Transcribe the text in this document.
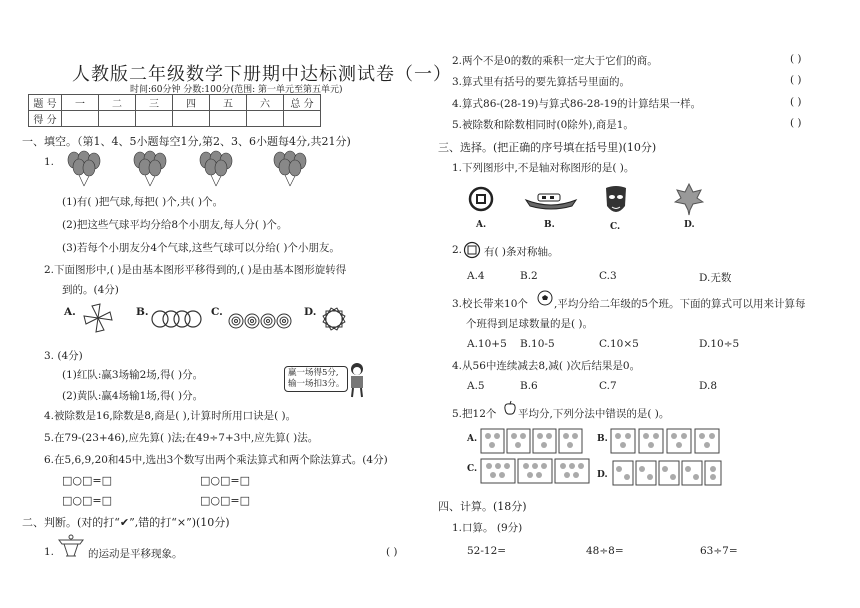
人教版二年级数学下册期中达标测试卷（一）
时间:60分钟 分数:100分(范围: 第一单元至第五单元)
题 号	一	二	三	四	五	六	总 分
得 分							
一、填空。（第1、4、5小题每空1分,第2、3、6小题每4分,共21分)
1.
(1)有( )把气球,每把( )个,共( )个。
(2)把这些气球平均分给8个小朋友,每人分( )个。
(3)若每个小朋友分4个气球,这些气球可以分给( )个小朋友。
2.下面图形中,( )是由基本图形平移得到的,( )是由基本图形旋转得
到的。(4分)
A.	B.	C.	D.
3. (4分)
(1)红队:赢3场输2场,得( )分。
(2)黄队:赢4场输1场,得( )分。
赢一场得5分,
输一场扣3分。
4.被除数是16,除数是8,商是( ),计算时所用口诀是( )。
5.在79-(23+46),应先算( )法;在49÷7+3中,应先算( )法。
6.在5,6,9,20和45中,选出3个数写出两个乘法算式和两个除法算式。(4分)
□○□=□	□○□=□
□○□=□	□○□=□
二、判断。(对的打“✔”,错的打“×”)(10分)
1.	的运动是平移现象。	( )
2.两个不是0的数的乘积一定大于它们的商。	( )
3.算式里有括号的要先算括号里面的。	( )
4.算式86-(28-19)与算式86-28-19的计算结果一样。	( )
5.被除数和除数相同时(0除外),商是1。	( )
三、选择。(把正确的序号填在括号里)(10分)
1.下列图形中,不是轴对称图形的是( )。
A.	B.	C.	D.
2. 有( )条对称轴。
A.4	B.2	C.3	D.无数
3.校长带来10个 ,平均分给二年级的5个班。下面的算式可以用来计算每
个班得到足球数量的是( )。
A.10+5 B.10-5	C.10×5	D.10÷5
4.从56中连续减去8,减( )次后结果是0。
A.5	B.6	C.7	D.8
5.把12个 平均分,下列分法中错误的是( )。
A.
C.
B.
D.
四、计算。(18分)
1.口算。 (9分)
52-12=	48÷8=	63÷7=
